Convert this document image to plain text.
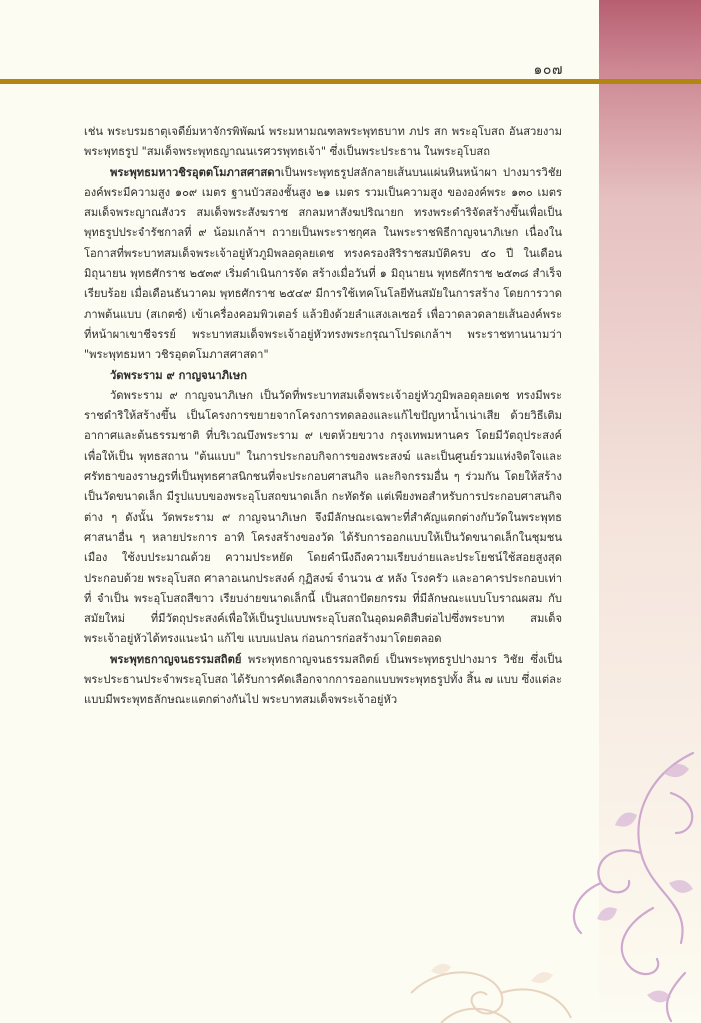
๑๐๗

เช่น พระบรมธาตุเจดีย์มหาจักรพิพัฒน์ พระมหามณฑลพระพุทธบาท ภปร สก พระอุโบสถ อันสวยงาม พระพุทธรูป "สมเด็จพระพุทธญาณนเรศวรพุทธเจ้า" ซึ่งเป็นพระประธาน ในพระอุโบสถ

พระพุทธมหาวชิรอุตตโมภาสศาสดาเป็นพระพุทธรูปสลักลายเส้นบนแผ่นหินหน้าผา ปางมารวิชัย องค์พระมีความสูง ๑๐๙ เมตร ฐานบัวสองชั้นสูง ๒๑ เมตร รวมเป็นความสูง ขององค์พระ ๑๓๐ เมตร สมเด็จพระญาณสังวร สมเด็จพระสังฆราช สกลมหาสังฆปริณายก ทรงพระดำริจัดสร้างขึ้นเพื่อเป็นพุทธรูปประจำรัชกาลที่ ๙ น้อมเกล้าฯ ถวายเป็นพระราชกุศล ในพระราชพิธีกาญจนาภิเษก เนื่องในโอกาสที่พระบาทสมเด็จพระเจ้าอยู่หัวภูมิพลอดุลยเดช ทรงครองสิริราชสมบัติครบ ๕๐ ปี ในเดือนมิถุนายน พุทธศักราช ๒๕๓๙ เริ่มดำเนินการจัด สร้างเมื่อวันที่ ๑ มิถุนายน พุทธศักราช ๒๕๓๘ สำเร็จเรียบร้อย เมื่อเดือนธันวาคม พุทธศักราช ๒๕๔๙ มีการใช้เทคโนโลยีทันสมัยในการสร้าง โดยการวาดภาพต้นแบบ (สเกตซ์) เข้าเครื่องคอมพิวเตอร์ แล้วยิงด้วยลำแสงเลเซอร์ เพื่อวาดลวดลายเส้นองค์พระที่หน้าผาเขาชีจรรย์ พระบาทสมเด็จพระเจ้าอยู่หัวทรงพระกรุณาโปรดเกล้าฯ พระราชทานนามว่า "พระพุทธมหา วชิรอุตตโมภาสศาสดา"

วัดพระราม ๙ กาญจนาภิเษก

วัดพระราม ๙ กาญจนาภิเษก เป็นวัดที่พระบาทสมเด็จพระเจ้าอยู่หัวภูมิพลอดุลยเดช ทรงมีพระราชดำริให้สร้างขึ้น เป็นโครงการขยายจากโครงการทดลองและแก้ไขปัญหาน้ำเน่าเสีย ด้วยวิธีเติมอากาศและต้นธรรมชาติ ที่บริเวณบึงพระราม ๙ เขตห้วยขวาง กรุงเทพมหานคร โดยมีวัตถุประสงค์เพื่อให้เป็น พุทธสถาน "ต้นแบบ" ในการประกอบกิจการของพระสงฆ์ และเป็นศูนย์รวมแห่งจิตใจและศรัทธาของราษฎรที่เป็นพุทธศาสนิกชนที่จะประกอบศาสนกิจ และกิจกรรมอื่น ๆ ร่วมกัน โดยให้สร้างเป็นวัดขนาดเล็ก มีรูปแบบของพระอุโบสถขนาดเล็ก กะทัดรัด แต่เพียงพอสำหรับการประกอบศาสนกิจต่าง ๆ ดังนั้น วัดพระราม ๙ กาญจนาภิเษก จึงมีลักษณะเฉพาะที่สำคัญแตกต่างกับวัดในพระพุทธศาสนาอื่น ๆ หลายประการ อาทิ โครงสร้างของวัด ได้รับการออกแบบให้เป็นวัดขนาดเล็กในชุมชนเมือง ใช้งบประมาณด้วย ความประหยัด โดยคำนึงถึงความเรียบง่ายและประโยชน์ใช้สอยสูงสุด ประกอบด้วย พระอุโบสถ ศาลาอเนกประสงค์ กุฏิสงฆ์ จำนวน ๕ หลัง โรงครัว และอาคารประกอบเท่าที่ จำเป็น พระอุโบสถสีขาว เรียบง่ายขนาดเล็กนี้ เป็นสถาปัตยกรรม ที่มีลักษณะแบบโบราณผสม กับสมัยใหม่ ที่มีวัตถุประสงค์เพื่อให้เป็นรูปแบบพระอุโบสถในอุดมคติสืบต่อไปซึ่งพระบาท สมเด็จพระเจ้าอยู่หัวได้ทรงแนะนำ แก้ไข แบบแปลน ก่อนการก่อสร้างมาโดยตลอด

พระพุทธกาญจนธรรมสถิตย์ พระพุทธกาญจนธรรมสถิตย์ เป็นพระพุทธรูปปางมาร วิชัย ซึ่งเป็นพระประธานประจำพระอุโบสถ ได้รับการคัดเลือกจากการออกแบบพระพุทธรูปทั้ง สิ้น ๗ แบบ ซึ่งแต่ละแบบมีพระพุทธลักษณะแตกต่างกันไป พระบาทสมเด็จพระเจ้าอยู่หัว
